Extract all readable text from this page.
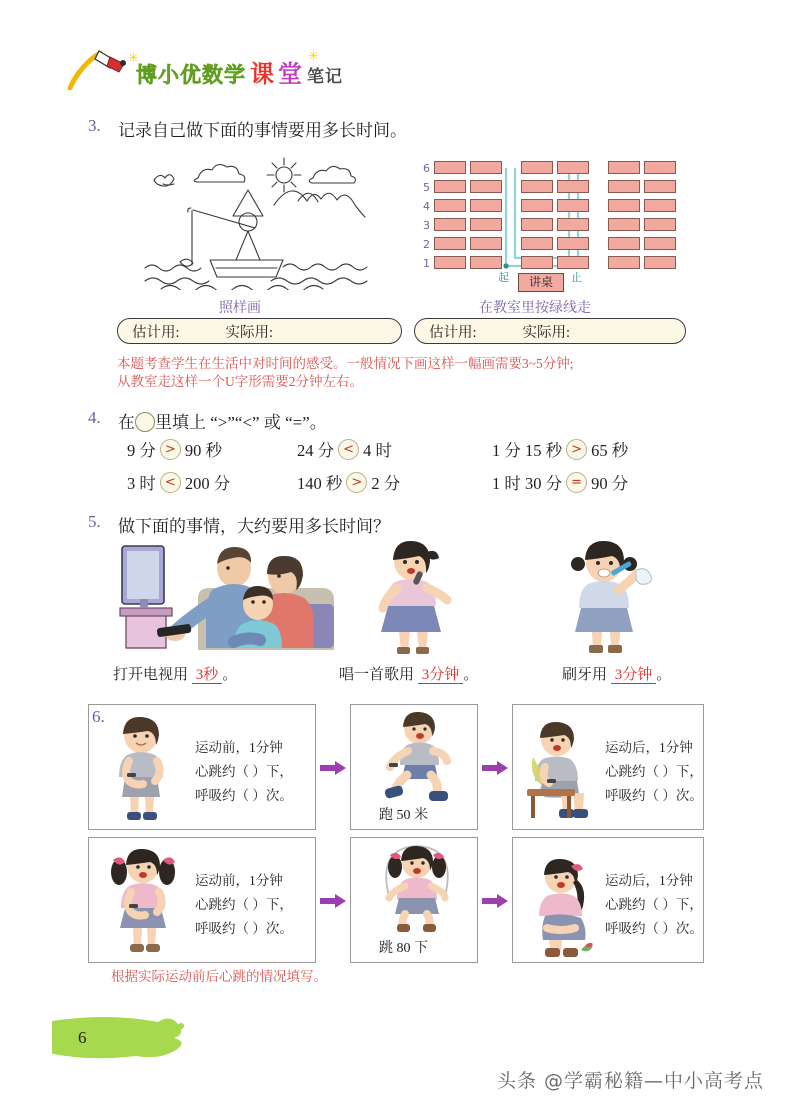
博小优数学 课 堂 笔记
✳	✳
3. 记录自己做下面的事情要用多长时间。
6
5
4
3
2
1
起	止
讲桌
照样画	在教室里按绿线走
估计用:	实际用:	估计用:	实际用:
本题考查学生在生活中对时间的感受。一般情况下画这样一幅画需要3~5分钟;
从教室走这样一个U字形需要2分钟左右。
4. 在 里填上 “>”“<” 或 “=”。
9 分 > 90 秒	24 分 < 4 时	1 分 15 秒 > 65 秒
3 时 < 200 分	140 秒 > 2 分	1 时 30 分 = 90 分
5. 做下面的事情，大约要用多长时间？
打开电视用 3秒 。	唱一首歌用 3分钟 。	刷牙用 3分钟 。
6.
运动前，1分钟
心跳约（ ）下，
呼吸约（ ）次。
跑 50 米
运动后，1分钟
心跳约（ ）下，
呼吸约（ ）次。
运动前，1分钟
心跳约（ ）下，
呼吸约（ ）次。
跳 80 下
运动后，1分钟
心跳约（ ）下，
呼吸约（ ）次。
根据实际运动前后心跳的情况填写。
6
头条 @学霸秘籍—中小高考点
